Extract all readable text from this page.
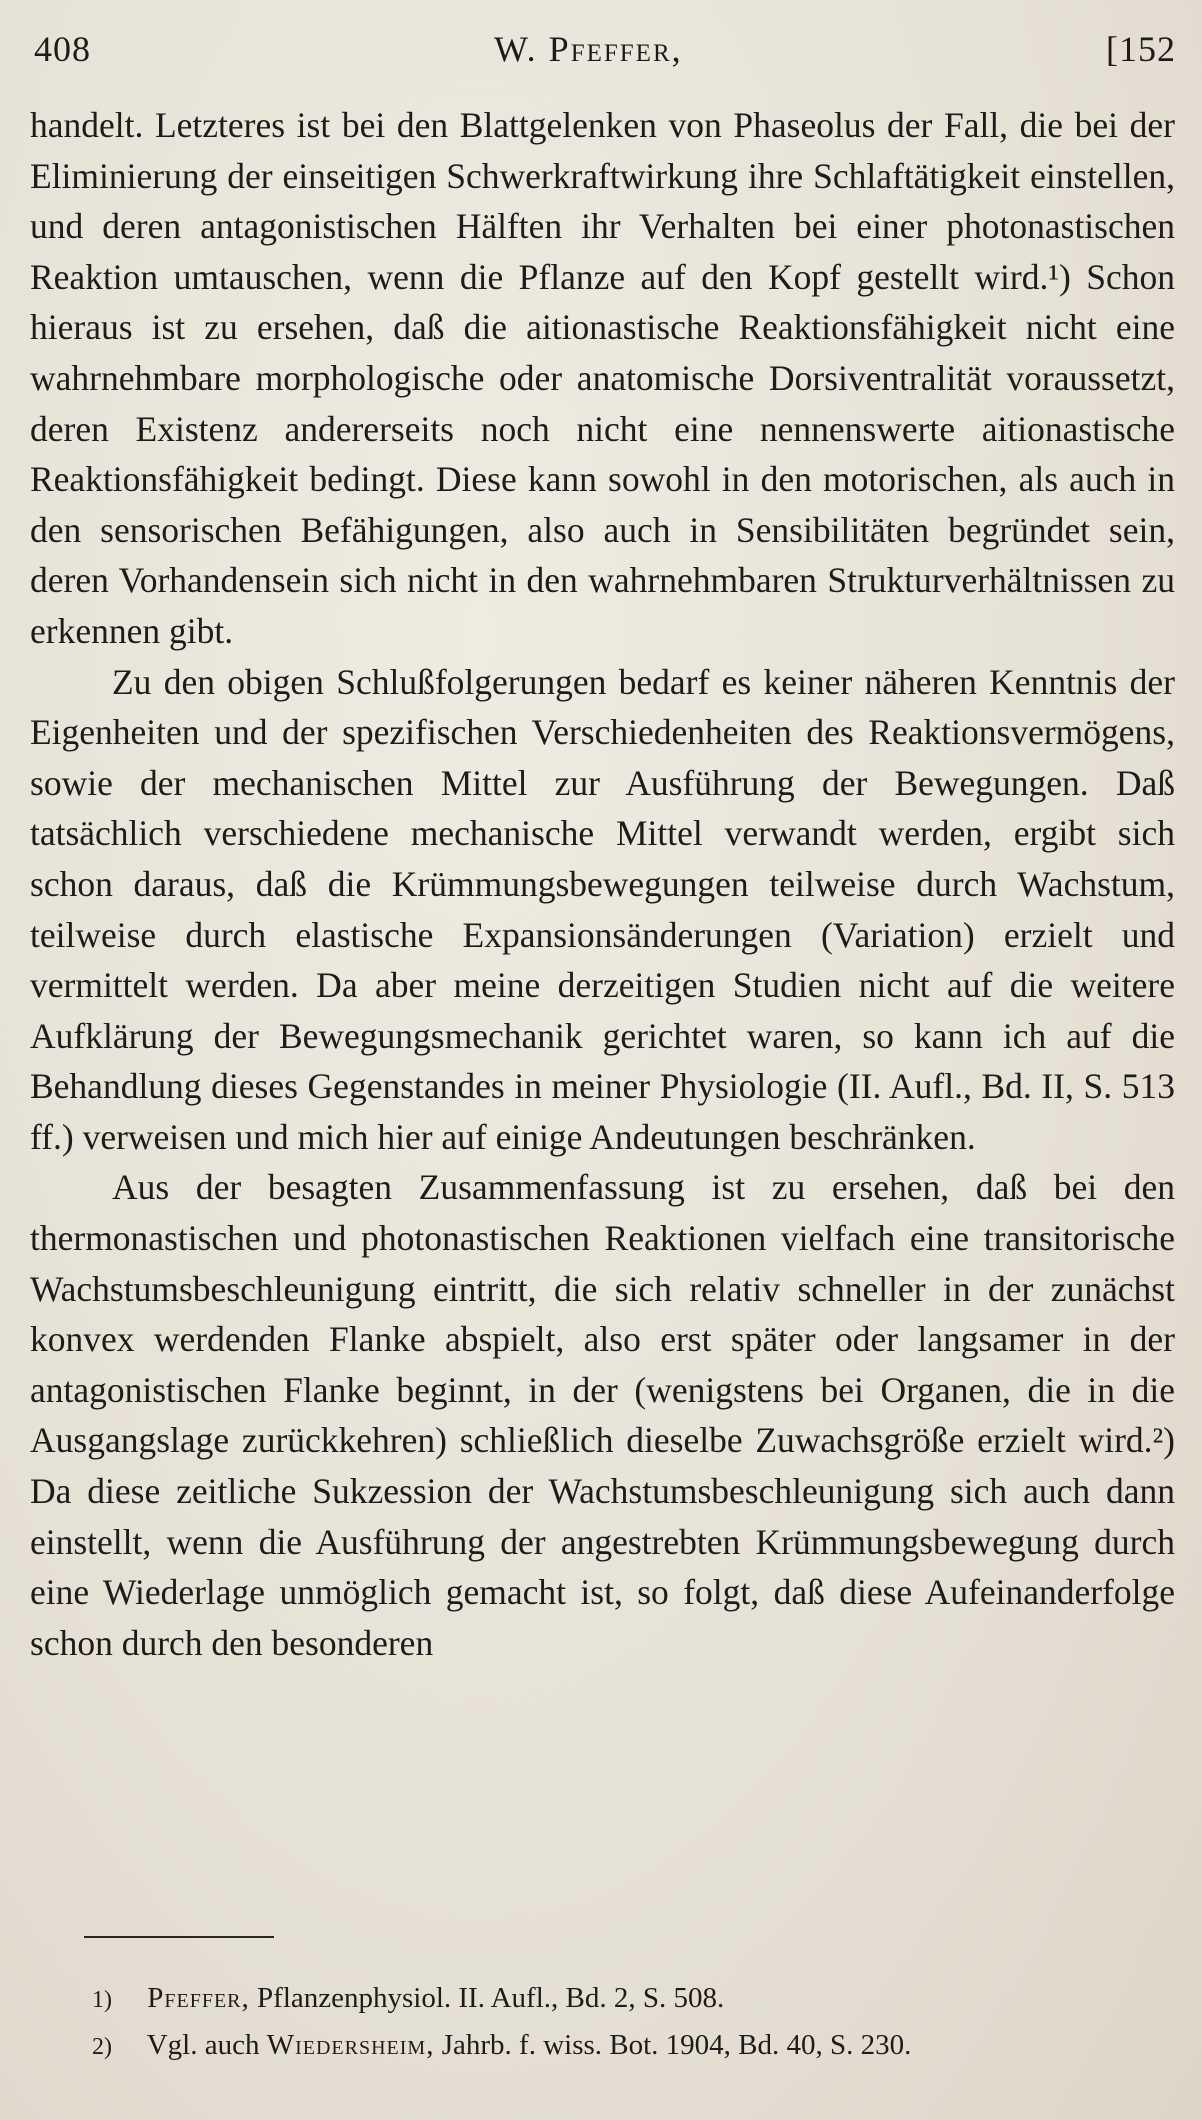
408	W. Pfeffer,	[152

handelt. Letzteres ist bei den Blattgelenken von Phaseolus der Fall, die bei der Eliminierung der einseitigen Schwerkraftwirkung ihre Schlaftätigkeit einstellen, und deren antagonistischen Hälften ihr Verhalten bei einer photonastischen Reaktion umtauschen, wenn die Pflanze auf den Kopf gestellt wird.¹) Schon hieraus ist zu ersehen, daß die aitionastische Reaktionsfähigkeit nicht eine wahrnehmbare morphologische oder anatomische Dorsiventralität voraussetzt, deren Existenz andererseits noch nicht eine nennenswerte aitionastische Reaktionsfähigkeit bedingt. Diese kann sowohl in den motorischen, als auch in den sensorischen Befähigungen, also auch in Sensibilitäten begründet sein, deren Vorhandensein sich nicht in den wahrnehmbaren Strukturverhältnissen zu erkennen gibt.

Zu den obigen Schlußfolgerungen bedarf es keiner näheren Kenntnis der Eigenheiten und der spezifischen Verschiedenheiten des Reaktionsvermögens, sowie der mechanischen Mittel zur Ausführung der Bewegungen. Daß tatsächlich verschiedene mechanische Mittel verwandt werden, ergibt sich schon daraus, daß die Krümmungsbewegungen teilweise durch Wachstum, teilweise durch elastische Expansionsänderungen (Variation) erzielt und vermittelt werden. Da aber meine derzeitigen Studien nicht auf die weitere Aufklärung der Bewegungsmechanik gerichtet waren, so kann ich auf die Behandlung dieses Gegenstandes in meiner Physiologie (II. Aufl., Bd. II, S. 513 ff.) verweisen und mich hier auf einige Andeutungen beschränken.

Aus der besagten Zusammenfassung ist zu ersehen, daß bei den thermonastischen und photonastischen Reaktionen vielfach eine transitorische Wachstumsbeschleunigung eintritt, die sich relativ schneller in der zunächst konvex werdenden Flanke abspielt, also erst später oder langsamer in der antagonistischen Flanke beginnt, in der (wenigstens bei Organen, die in die Ausgangslage zurückkehren) schließlich dieselbe Zuwachsgröße erzielt wird.²) Da diese zeitliche Sukzession der Wachstumsbeschleunigung sich auch dann einstellt, wenn die Ausführung der angestrebten Krümmungsbewegung durch eine Wiederlage unmöglich gemacht ist, so folgt, daß diese Aufeinanderfolge schon durch den besonderen

1) Pfeffer, Pflanzenphysiol. II. Aufl., Bd. 2, S. 508.
2) Vgl. auch Wiedersheim, Jahrb. f. wiss. Bot. 1904, Bd. 40, S. 230.
